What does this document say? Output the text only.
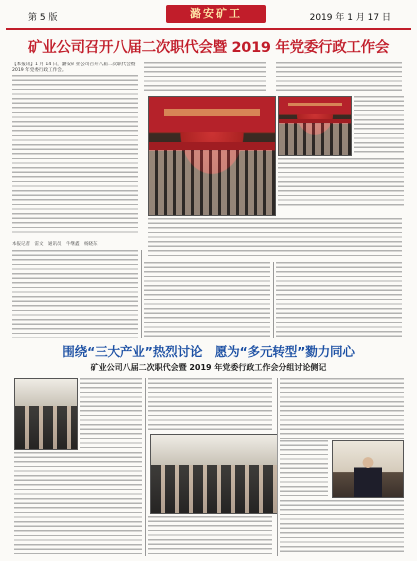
第 5 版	潞安矿工	2019 年 1 月 17 日
矿业公司召开八届二次职代会暨 2019 年党委行政工作会
【本报讯】1 月 14 日，潞安矿业公司召开八届二次职代会暨 2019 年党委行政工作会。
本报记者　雷文　通讯员　牛继鑫　杨晓东
围绕“三大产业”热烈讨论　愿为“多元转型”勠力同心
矿业公司八届二次职代会暨 2019 年党委行政工作会分组讨论侧记
